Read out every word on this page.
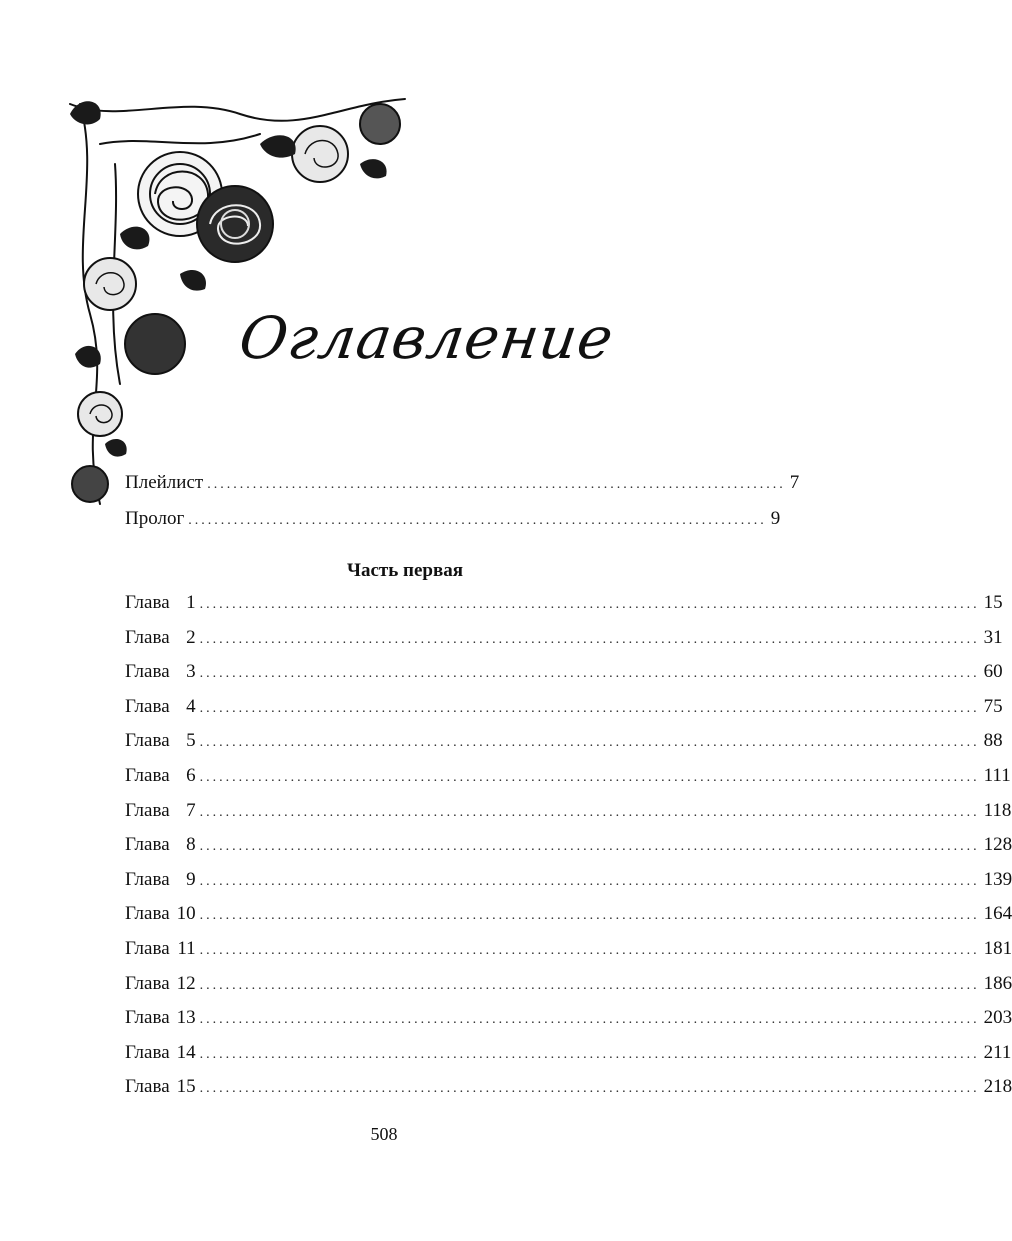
Оглавление
Плейлист ......................................................................................... 7
Пролог ......................................................................................... 9
Часть первая
Глава 1 ........................................................................................................................ 15
Глава 2 ........................................................................................................................ 31
Глава 3 ........................................................................................................................ 60
Глава 4 ........................................................................................................................ 75
Глава 5 ........................................................................................................................ 88
Глава 6 ........................................................................................................................ 111
Глава 7 ........................................................................................................................ 118
Глава 8 ........................................................................................................................ 128
Глава 9 ........................................................................................................................ 139
Глава 10 ........................................................................................................................ 164
Глава 11 ........................................................................................................................ 181
Глава 12 ........................................................................................................................ 186
Глава 13 ........................................................................................................................ 203
Глава 14 ........................................................................................................................ 211
Глава 15 ........................................................................................................................ 218
508
